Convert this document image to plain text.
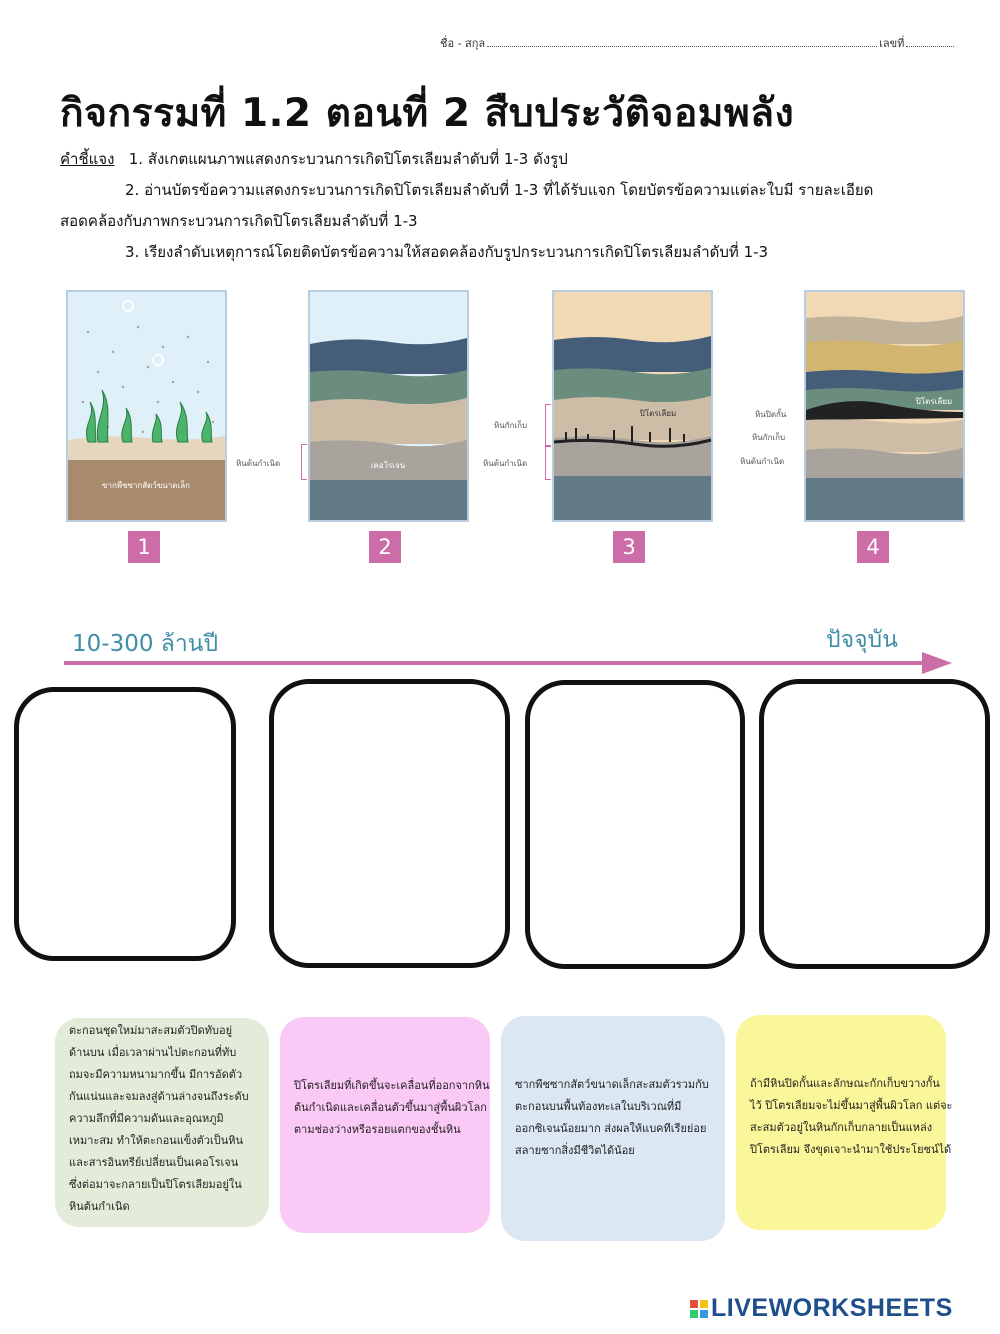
ชื่อ - สกุล	เลขที่
กิจกรรมที่ 1.2 ตอนที่ 2 สืบประวัติจอมพลัง
คำชี้แจง 1. สังเกตแผนภาพแสดงกระบวนการเกิดปิโตรเลียมลำดับที่ 1-3 ดังรูป
2. อ่านบัตรข้อความแสดงกระบวนการเกิดปิโตรเลียมลำดับที่ 1-3 ที่ได้รับแจก โดยบัตรข้อความแต่ละใบมี รายละเอียด
สอดคล้องกับภาพกระบวนการเกิดปิโตรเลียมลำดับที่ 1-3
3. เรียงลำดับเหตุการณ์โดยติดบัตรข้อความให้สอดคล้องกับรูปกระบวนการเกิดปิโตรเลียมลำดับที่ 1-3
ซากพืชซากสัตว์ขนาดเล็ก
เคอโรเจน
หินต้นกำเนิด
ปิโตรเลียม
หินกักเก็บ
หินต้นกำเนิด
ปิโตรเลียม
หินปิดกั้น
หินกักเก็บ
หินต้นกำเนิด
1	2	3	4
10-300 ล้านปี	ปัจจุบัน
ตะกอนชุดใหม่มาสะสมตัวปิดทับอยู่
ด้านบน เมื่อเวลาผ่านไปตะกอนที่ทับ
ถมจะมีความหนามากขึ้น มีการอัดตัว
กันแน่นและจมลงสู่ด้านล่างจนถึงระดับ
ความลึกที่มีความดันและอุณหภูมิ
เหมาะสม ทำให้ตะกอนแข็งตัวเป็นหิน
และสารอินทรีย์เปลี่ยนเป็นเคอโรเจน
ซึ่งต่อมาจะกลายเป็นปิโตรเลียมอยู่ใน
หินต้นกำเนิด
ปิโตรเลียมที่เกิดขึ้นจะเคลื่อนที่ออกจากหิน
ต้นกำเนิดและเคลื่อนตัวขึ้นมาสู่พื้นผิวโลก
ตามช่องว่างหรือรอยแตกของชั้นหิน
ซากพืชซากสัตว์ขนาดเล็กสะสมตัวรวมกับ
ตะกอนบนพื้นท้องทะเลในบริเวณที่มี
ออกซิเจนน้อยมาก ส่งผลให้แบคทีเรียย่อย
สลายซากสิ่งมีชีวิตได้น้อย
ถ้ามีหินปิดกั้นและลักษณะกักเก็บขวางกั้น
ไว้ ปิโตรเลียมจะไม่ขึ้นมาสู่พื้นผิวโลก แต่จะ
สะสมตัวอยู่ในหินกักเก็บกลายเป็นแหล่ง
ปิโตรเลียม จึงขุดเจาะนำมาใช้ประโยชน์ได้
LIVEWORKSHEETS
